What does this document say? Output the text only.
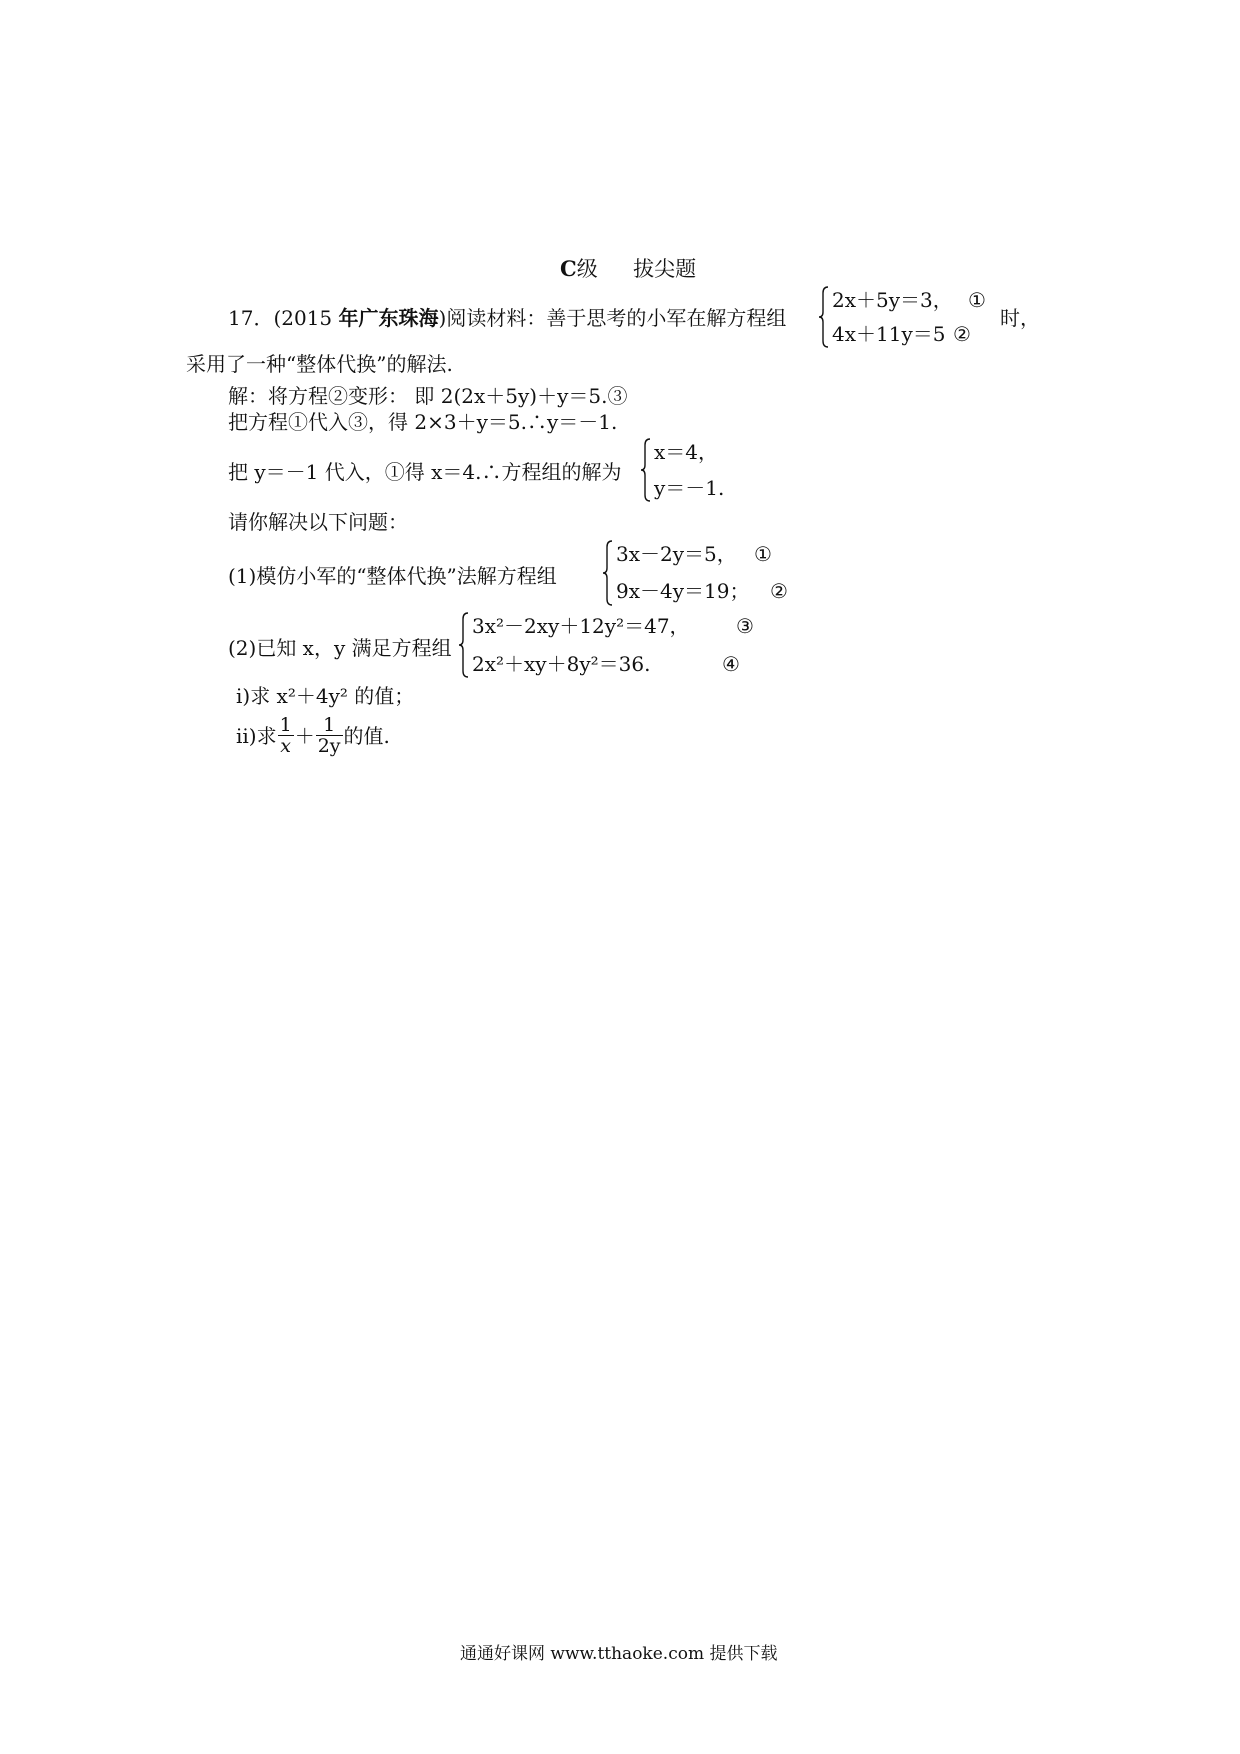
C级 拔尖题
17．(2015 年广东珠海)阅读材料：善于思考的小军在解方程组
2x＋5y＝3， ①
4x＋11y＝5 ②
时，
采用了一种“整体代换”的解法.
解：将方程②变形： 即 2(2x＋5y)＋y＝5.③
把方程①代入③，得 2×3＋y＝5.∴y＝－1.
把 y＝－1 代入，①得 x＝4.∴方程组的解为
x＝4，
y＝－1.
请你解决以下问题：
(1)模仿小军的“整体代换”法解方程组
3x－2y＝5， ①
9x－4y＝19； ②
(2)已知 x，y 满足方程组
3x²－2xy＋12y²＝47， ③
2x²＋xy＋8y²＝36.	④
ⅰ)求 x²＋4y² 的值；
ⅱ)求 $\frac{1}{x} + \frac{1}{2y}$ 的值.
通通好课网 www.tthaoke.com 提供下载
